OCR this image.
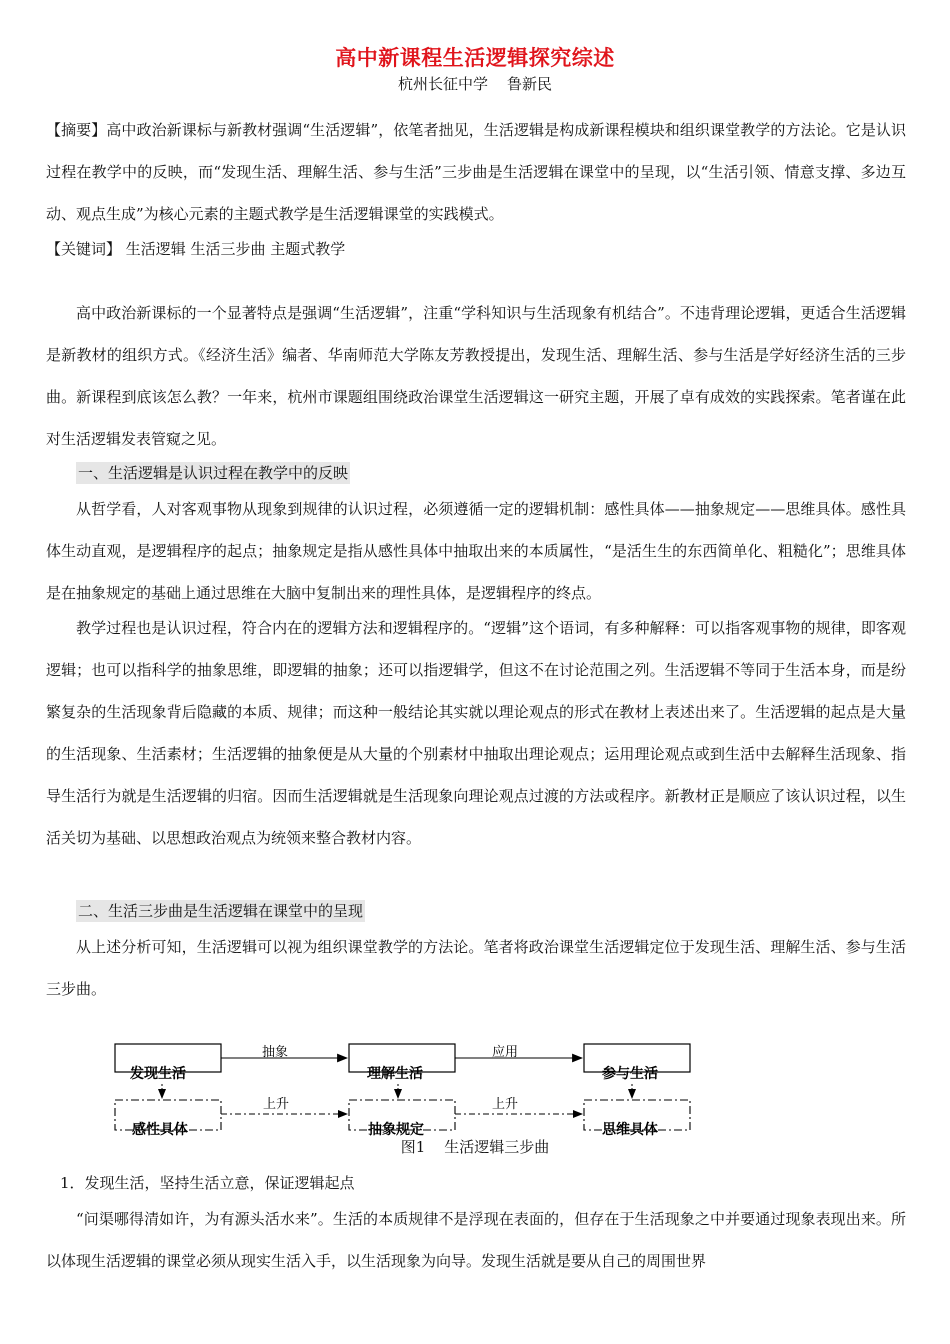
高中新课程生活逻辑探究综述
杭州长征中学    鲁新民
【摘要】高中政治新课标与新教材强调“生活逻辑”，依笔者拙见，生活逻辑是构成新课程模块和组织课堂教学的方法论。它是认识过程在教学中的反映，而“发现生活、理解生活、参与生活”三步曲是生活逻辑在课堂中的呈现，以“生活引领、情意支撑、多边互动、观点生成”为核心元素的主题式教学是生活逻辑课堂的实践模式。
【关键词】 生活逻辑 生活三步曲 主题式教学
高中政治新课标的一个显著特点是强调“生活逻辑”，注重“学科知识与生活现象有机结合”。不违背理论逻辑，更适合生活逻辑是新教材的组织方式。《经济生活》编者、华南师范大学陈友芳教授提出，发现生活、理解生活、参与生活是学好经济生活的三步曲。新课程到底该怎么教？一年来，杭州市课题组围绕政治课堂生活逻辑这一研究主题，开展了卓有成效的实践探索。笔者谨在此对生活逻辑发表管窥之见。
一、生活逻辑是认识过程在教学中的反映
从哲学看，人对客观事物从现象到规律的认识过程，必须遵循一定的逻辑机制：感性具体——抽象规定——思维具体。感性具体生动直观，是逻辑程序的起点；抽象规定是指从感性具体中抽取出来的本质属性，“是活生生的东西简单化、粗糙化”；思维具体是在抽象规定的基础上通过思维在大脑中复制出来的理性具体，是逻辑程序的终点。
教学过程也是认识过程，符合内在的逻辑方法和逻辑程序的。“逻辑”这个语词，有多种解释：可以指客观事物的规律，即客观逻辑；也可以指科学的抽象思维，即逻辑的抽象；还可以指逻辑学，但这不在讨论范围之列。生活逻辑不等同于生活本身，而是纷繁复杂的生活现象背后隐藏的本质、规律；而这种一般结论其实就以理论观点的形式在教材上表述出来了。生活逻辑的起点是大量的生活现象、生活素材；生活逻辑的抽象便是从大量的个别素材中抽取出理论观点；运用理论观点或到生活中去解释生活现象、指导生活行为就是生活逻辑的归宿。因而生活逻辑就是生活现象向理论观点过渡的方法或程序。新教材正是顺应了该认识过程，以生活关切为基础、以思想政治观点为统领来整合教材内容。
二、生活三步曲是生活逻辑在课堂中的呈现
从上述分析可知，生活逻辑可以视为组织课堂教学的方法论。笔者将政治课堂生活逻辑定位于发现生活、理解生活、参与生活三步曲。
发现生活	理解生活	参与生活
抽象	应用
感性具体	抽象规定	思维具体
上升	上升
图1    生活逻辑三步曲
1．发现生活，坚持生活立意，保证逻辑起点
“问渠哪得清如许，为有源头活水来”。生活的本质规律不是浮现在表面的，但存在于生活现象之中并要通过现象表现出来。所以体现生活逻辑的课堂必须从现实生活入手，以生活现象为向导。发现生活就是要从自己的周围世界
